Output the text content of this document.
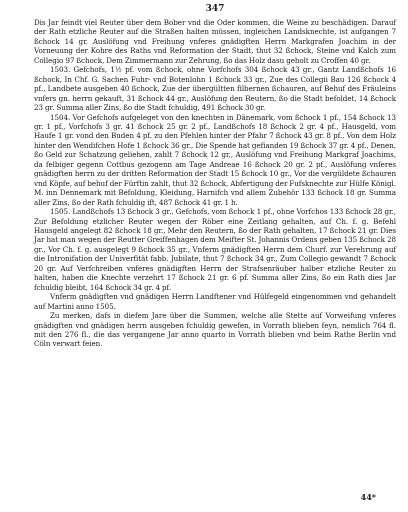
347

Dis Jar feindt viel Reuter über dem Bober vnd die Oder kommen, die Weine zu beschädigen. Darauf der Rath etzliche Reuter auf die Straßen halten müssen, ingleichen Landsknechte, ist aufgangen 7 ßchock 14 gr. Auslöfung vnd Freihung vnferes gnädigften Herrn Markgrafen Joachim in der Vorneuung der Kohre des Raths vnd Reformation der Stadt, thut 32 ßchock, Steine vnd Kalch zum Collegio 97 ßchock, Dem Zimmermann zur Zehrung, ßo das Holz dasu geholt zu Croffen 40 gr.

1503. Gefchofs, 1½ pf. vom ßchock, ohne Vorfchofs 304 ßchock 43 gr., Gantz Landßchofs 16 ßchock, In Chf. G. Sachen Fuhr- vnd Botenlohn 1 ßchock 33 gr., Zue des Collegii Bau 126 ßchock 4 pf., Landbete ausgeben 40 ßchock, Zue der übergültten filbernen ßchauren, auf Behuf des Fräuleins vnfers gn. herrn gekauft, 31 ßchock 44 gr., Auslöfung den Reutern, ßo die Stadt befoldet, 14 ßchock 23 gr. Summa aller Zins, ßo die Stadt fchuldig, 491 ßchock 30 gr.

1504. Vor Gefchofs aufgeleget von den knechten in Dänemark, vom ßchock 1 pf., 154 ßchock 13 gr. 1 pf., Vorfchofs 3 gr. 41 ßchock 25 gr. 2 pf., Landßchofs 18 ßchock 2 gr. 4 pf., Hausgeld, vom Haufe 1 gr. vond den Buden 4 pf. zu den Pfehlen hinter der Pfahr 7 ßchock 43 gr. 8 pf., Von dem Holz hinter den Wendifchen Hofe 1 ßchock 36 gr., Die Spende hat gefianden 19 ßchock 37 gr. 4 pf., Denen, ßo Geld zur Schatzung geliehen, zahlt 7 ßchock 12 gr., Auslöfung vnd Freihung Markgraf Joachims, da felbiger gegenn Cottbus gezogenn am Tage Andreae 16 ßchock 20 gr. 2 pf., Auslöfung vnferes gnädigften herrn zu der dritten Reformation der Stadt 15 ßchock 10 gr., Vor die vergüldete ßchauren vnd Köpfe, auf behuf der Fürftin zahlt, thut 32 ßchock, Abfertigung der Fufsknechte zur Hülfe Königl. M. inn Dennemark mit Befoldung, Kleidung, Harnifch vnd allem Zubehör 133 ßchock 18 gr. Summa aller Zins, ßo der Rath fchuldig ift, 487 ßchock 41 gr. 1 h.

1505. Landßchofs 13 ßchock 3 gr., Gefchofs, vom ßchock 1 pf., ohne Vorfchos 133 ßchock 28 gr., Zur Befoldung etzlicher Reuter wegen der Röber eine Zeitlang gehalten, auf Ch. f. g. Befehl Hausgeld angelegt 82 ßchock 18 gr., Mehr den Reutern, ßo der Rath gehalten, 17 ßchock 21 gr. Dies Jar hat man wegen der Reutter Greiffenhagen dem Meifter St. Johannis Ordens geben 135 ßchock 28 gr., Vor Ch. f. g. ausgelegt 9 ßchock 35 gr., Vnferm gnädigften Herrn dem Churf. zur Verehrung auf die Intronifation der Univerfität fabb. Jubilate, thut 7 ßchock 34 gr., Zum Collegio gewandt 7 ßchock 20 gr. Auf Verfchreiben vnferes gnädigften Herrn der Strafsenräuber halber etzliche Reuter zu halten, haben die Knechte verzehrt 17 ßchock 21 gr. 6 pf. Summa aller Zins, ßo ein Rath dies Jar fchuldig bleibt, 164 ßchock 34 gr. 4 pf.

Vnferm gnädigften vnd gnädigen Herrn Landftener vnd Hülfegeld eingenommen vnd gehandelt auf Martini anno 1505.

Zu merken, dafs in diefem Jare über die Summen, welche alle Stette auf Vorweifung vnferes gnädigften vnd gnädigen herrn ausgeben fchuldig gewefen, in Vorrath blieben feyn, nemlich 764 fl. mit den 276 fl., die das vergangene Jar anno quarto in Vorrath blieben vnd beim Rathe Berlin vnd Cöln verwart feien.

44*
